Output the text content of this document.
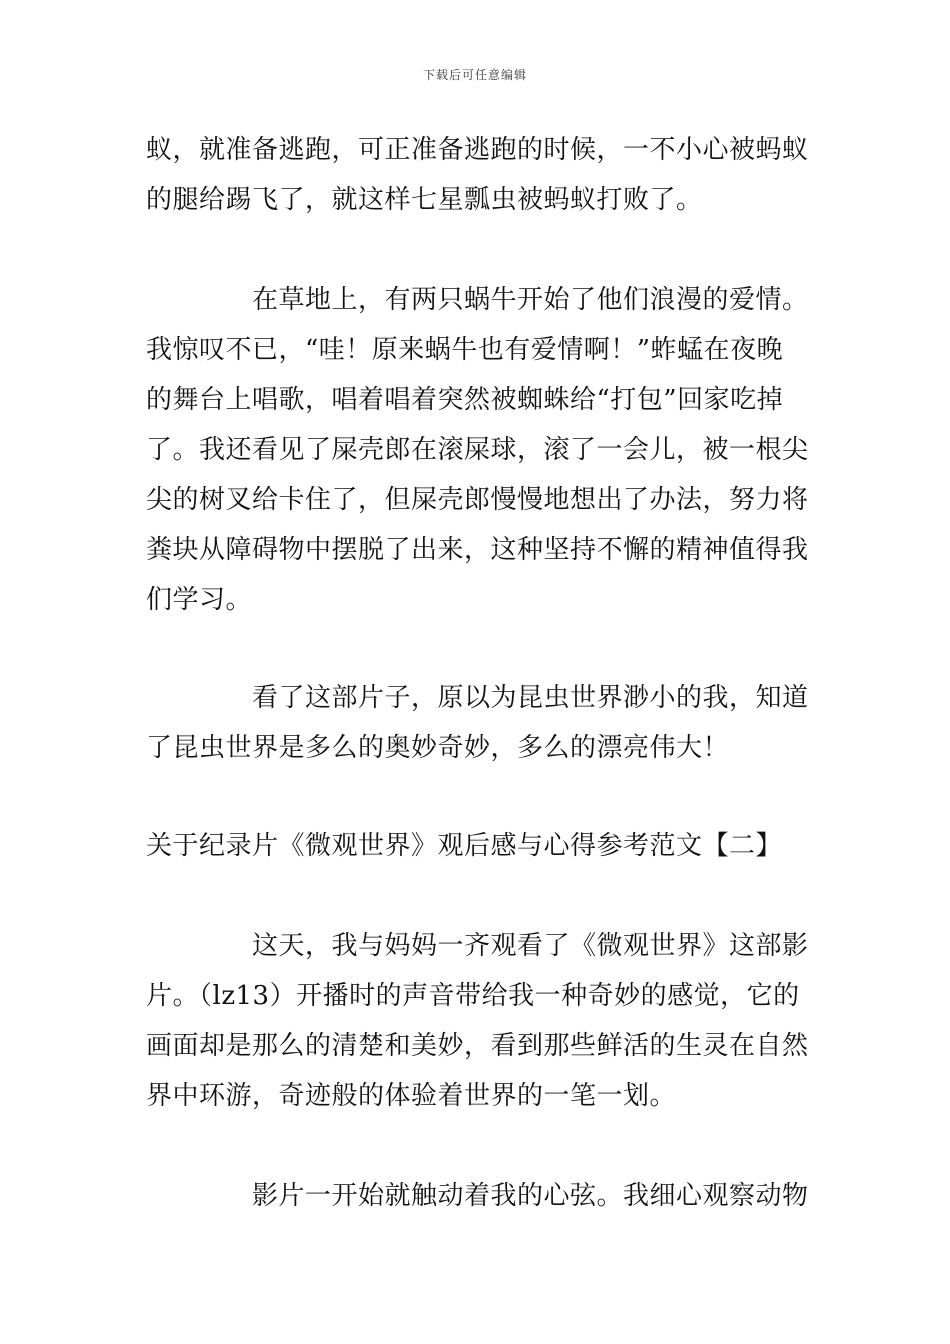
下载后可任意编辑
蚁，就准备逃跑，可正准备逃跑的时候，一不小心被蚂蚁
的腿给踢飞了，就这样七星瓢虫被蚂蚁打败了。
在草地上，有两只蜗牛开始了他们浪漫的爱情。
我惊叹不已，“哇！原来蜗牛也有爱情啊！”蚱蜢在夜晚
的舞台上唱歌，唱着唱着突然被蜘蛛给“打包”回家吃掉
了。我还看见了屎壳郎在滚屎球，滚了一会儿，被一根尖
尖的树叉给卡住了，但屎壳郎慢慢地想出了办法，努力将
粪块从障碍物中摆脱了出来，这种坚持不懈的精神值得我
们学习。
看了这部片子，原以为昆虫世界渺小的我，知道
了昆虫世界是多么的奥妙奇妙，多么的漂亮伟大！
关于纪录片《微观世界》观后感与心得参考范文【二】
这天，我与妈妈一齐观看了《微观世界》这部影
片。（lz13）开播时的声音带给我一种奇妙的感觉，它的
画面却是那么的清楚和美妙，看到那些鲜活的生灵在自然
界中环游，奇迹般的体验着世界的一笔一划。
影片一开始就触动着我的心弦。我细心观察动物
